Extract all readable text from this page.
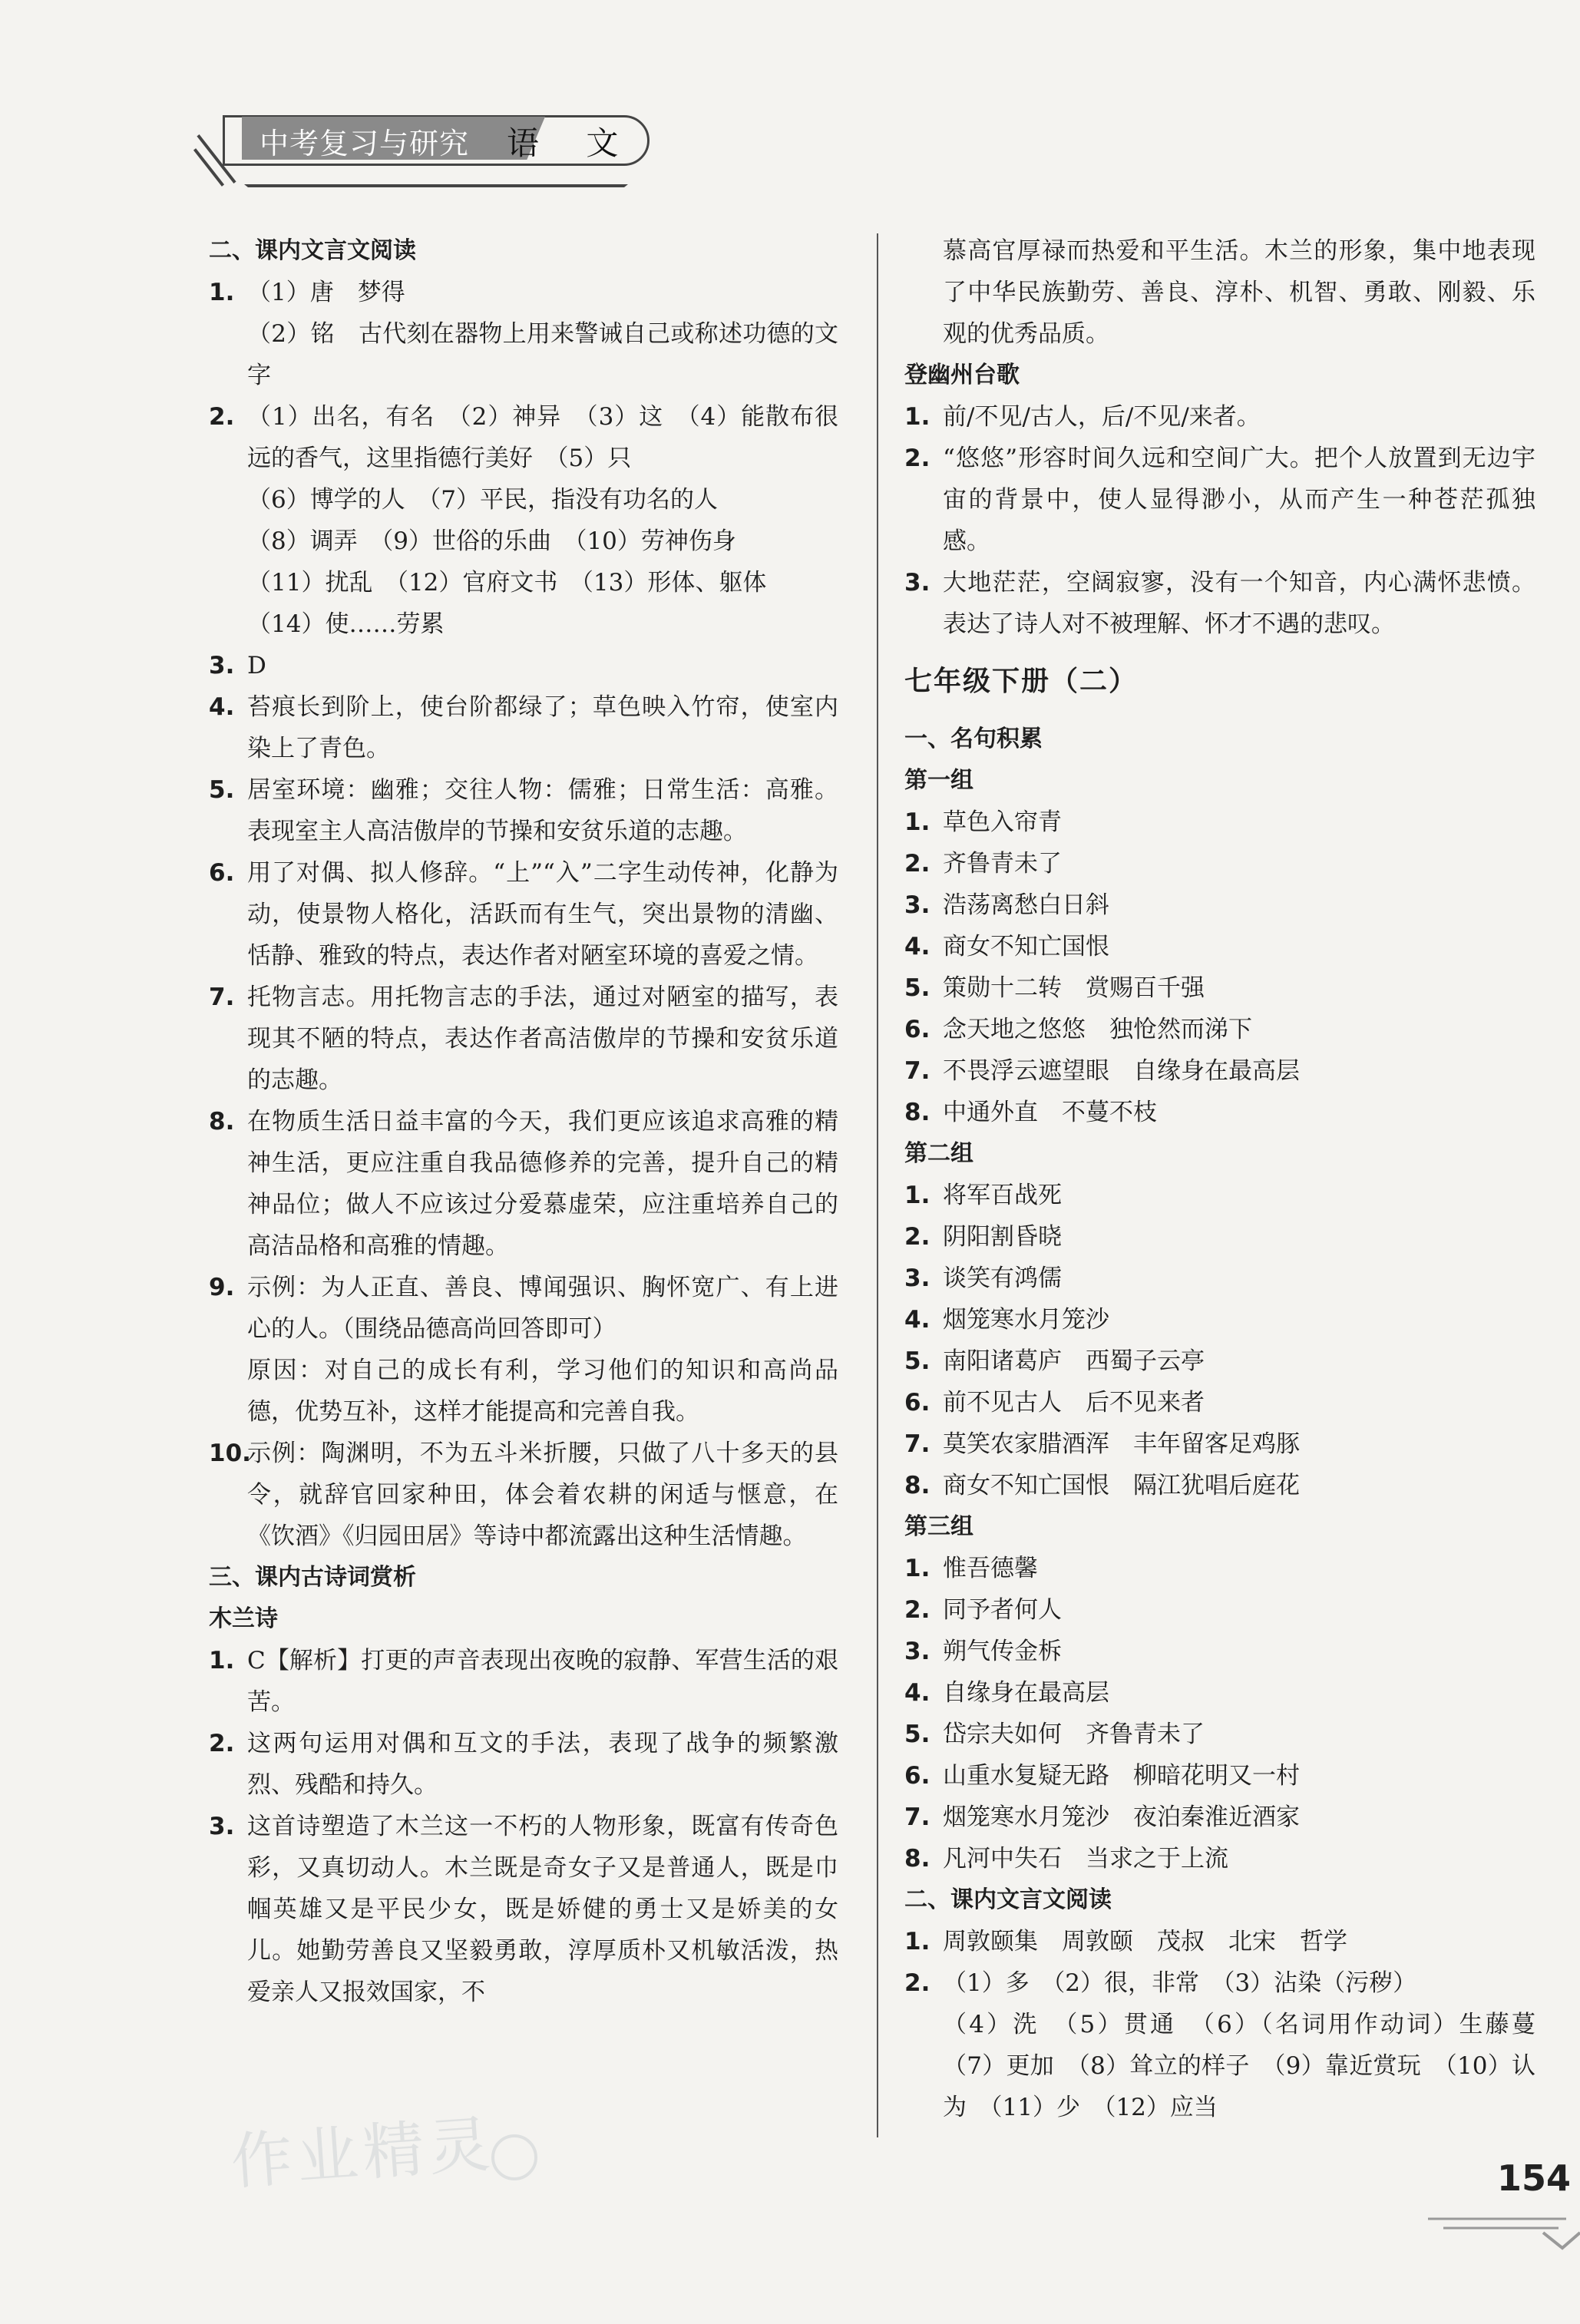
中考复习与研究 语 文

二、课内文言文阅读

1. （1）唐　梦得

（2）铭　古代刻在器物上用来警诫自己或称述功德的文字

2. （1）出名，有名　（2）神异　（3）这　（4）能散布很远的香气，这里指德行美好　（5）只

（6）博学的人　（7）平民，指没有功名的人

（8）调弄　（9）世俗的乐曲　（10）劳神伤身

（11）扰乱　（12）官府文书　（13）形体、躯体

（14）使……劳累

3. D
4. 苔痕长到阶上，使台阶都绿了；草色映入竹帘，使室内染上了青色。
5. 居室环境：幽雅；交往人物：儒雅；日常生活：高雅。表现室主人高洁傲岸的节操和安贫乐道的志趣。
6. 用了对偶、拟人修辞。“上”“入”二字生动传神，化静为动，使景物人格化，活跃而有生气，突出景物的清幽、恬静、雅致的特点，表达作者对陋室环境的喜爱之情。
7. 托物言志。用托物言志的手法，通过对陋室的描写，表现其不陋的特点，表达作者高洁傲岸的节操和安贫乐道的志趣。
8. 在物质生活日益丰富的今天，我们更应该追求高雅的精神生活，更应注重自我品德修养的完善，提升自己的精神品位；做人不应该过分爱慕虚荣，应注重培养自己的高洁品格和高雅的情趣。
9. 示例：为人正直、善良、博闻强识、胸怀宽广、有上进心的人。（围绕品德高尚回答即可）

原因：对自己的成长有利，学习他们的知识和高尚品德，优势互补，这样才能提高和完善自我。

10.
示例：陶渊明，不为五斗米折腰，只做了八十多天的县令，就辞官回家种田，体会着农耕的闲适与惬意，在《饮酒》《归园田居》等诗中都流露出这种生活情趣。

三、课内古诗词赏析

木兰诗

1. C【解析】打更的声音表现出夜晚的寂静、军营生活的艰苦。
2. 这两句运用对偶和互文的手法，表现了战争的频繁激烈、残酷和持久。
3. 这首诗塑造了木兰这一不朽的人物形象，既富有传奇色彩，又真切动人。木兰既是奇女子又是普通人，既是巾帼英雄又是平民少女，既是娇健的勇士又是娇美的女儿。她勤劳善良又坚毅勇敢，淳厚质朴又机敏活泼，热爱亲人又报效国家，不

慕高官厚禄而热爱和平生活。木兰的形象，集中地表现了中华民族勤劳、善良、淳朴、机智、勇敢、刚毅、乐观的优秀品质。

登幽州台歌

1. 前/不见/古人，后/不见/来者。
2. “悠悠”形容时间久远和空间广大。把个人放置到无边宇宙的背景中，使人显得渺小，从而产生一种苍茫孤独感。
3. 大地茫茫，空阔寂寥，没有一个知音，内心满怀悲愤。表达了诗人对不被理解、怀才不遇的悲叹。

七年级下册（二）

一、名句积累

第一组

1. 草色入帘青
2. 齐鲁青未了
3. 浩荡离愁白日斜
4. 商女不知亡国恨
5. 策勋十二转　赏赐百千强
6. 念天地之悠悠　独怆然而涕下
7. 不畏浮云遮望眼　自缘身在最高层
8. 中通外直　不蔓不枝

第二组

1. 将军百战死
2. 阴阳割昏晓
3. 谈笑有鸿儒
4. 烟笼寒水月笼沙
5. 南阳诸葛庐　西蜀子云亭
6. 前不见古人　后不见来者
7. 莫笑农家腊酒浑　丰年留客足鸡豚
8. 商女不知亡国恨　隔江犹唱后庭花

第三组

1. 惟吾德馨
2. 同予者何人
3. 朔气传金柝
4. 自缘身在最高层
5. 岱宗夫如何　齐鲁青未了
6. 山重水复疑无路　柳暗花明又一村
7. 烟笼寒水月笼沙　夜泊秦淮近酒家
8. 凡河中失石　当求之于上流

二、课内文言文阅读

1. 周敦颐集　周敦颐　茂叔　北宋　哲学
2. （1）多　（2）很，非常　（3）沾染（污秽）

（4）洗　（5）贯通　（6）（名词用作动词）生藤蔓　（7）更加　（8）耸立的样子　（9）靠近赏玩　（10）认为　（11）少　（12）应当

作业精灵	154
